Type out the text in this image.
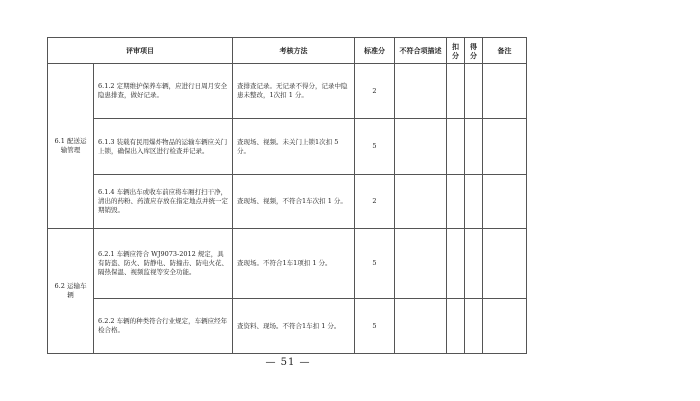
评审项目		考核方法	标准分	不符合项描述	扣分	得分	备注
6.1 配送运输管理	6.1.2 定期维护保养车辆，应进行日周月安全隐患排查，做好记录。	查排查记录。无记录不得分，记录中隐患未整改，1次扣 1 分。	2				
	6.1.3 装载有民用爆炸物品的运输车辆应关门上锁，确保出入库区进行检查并记录。	查现场、视频。未关门上锁1次扣 5 分。	5				
	6.1.4 车辆出车或收车前应将车厢打扫干净，清出的药粉、药渣应存放在指定地点并统一定期销毁。	查现场、视频，不符合1车次扣 1 分。	2				
6.2 运输车辆	6.2.1 车辆应符合 WJ9073-2012 规定，具有防盗、防火、防静电、防撞击、防电火花、隔热保温、视频监视等安全功能。	查现场。不符合1车1项扣 1 分。	5				
	6.2.2 车辆的种类符合行业规定，车辆应经年检合格。	查资料、现场。不符合1车扣 1 分。	5				
— 51 —
